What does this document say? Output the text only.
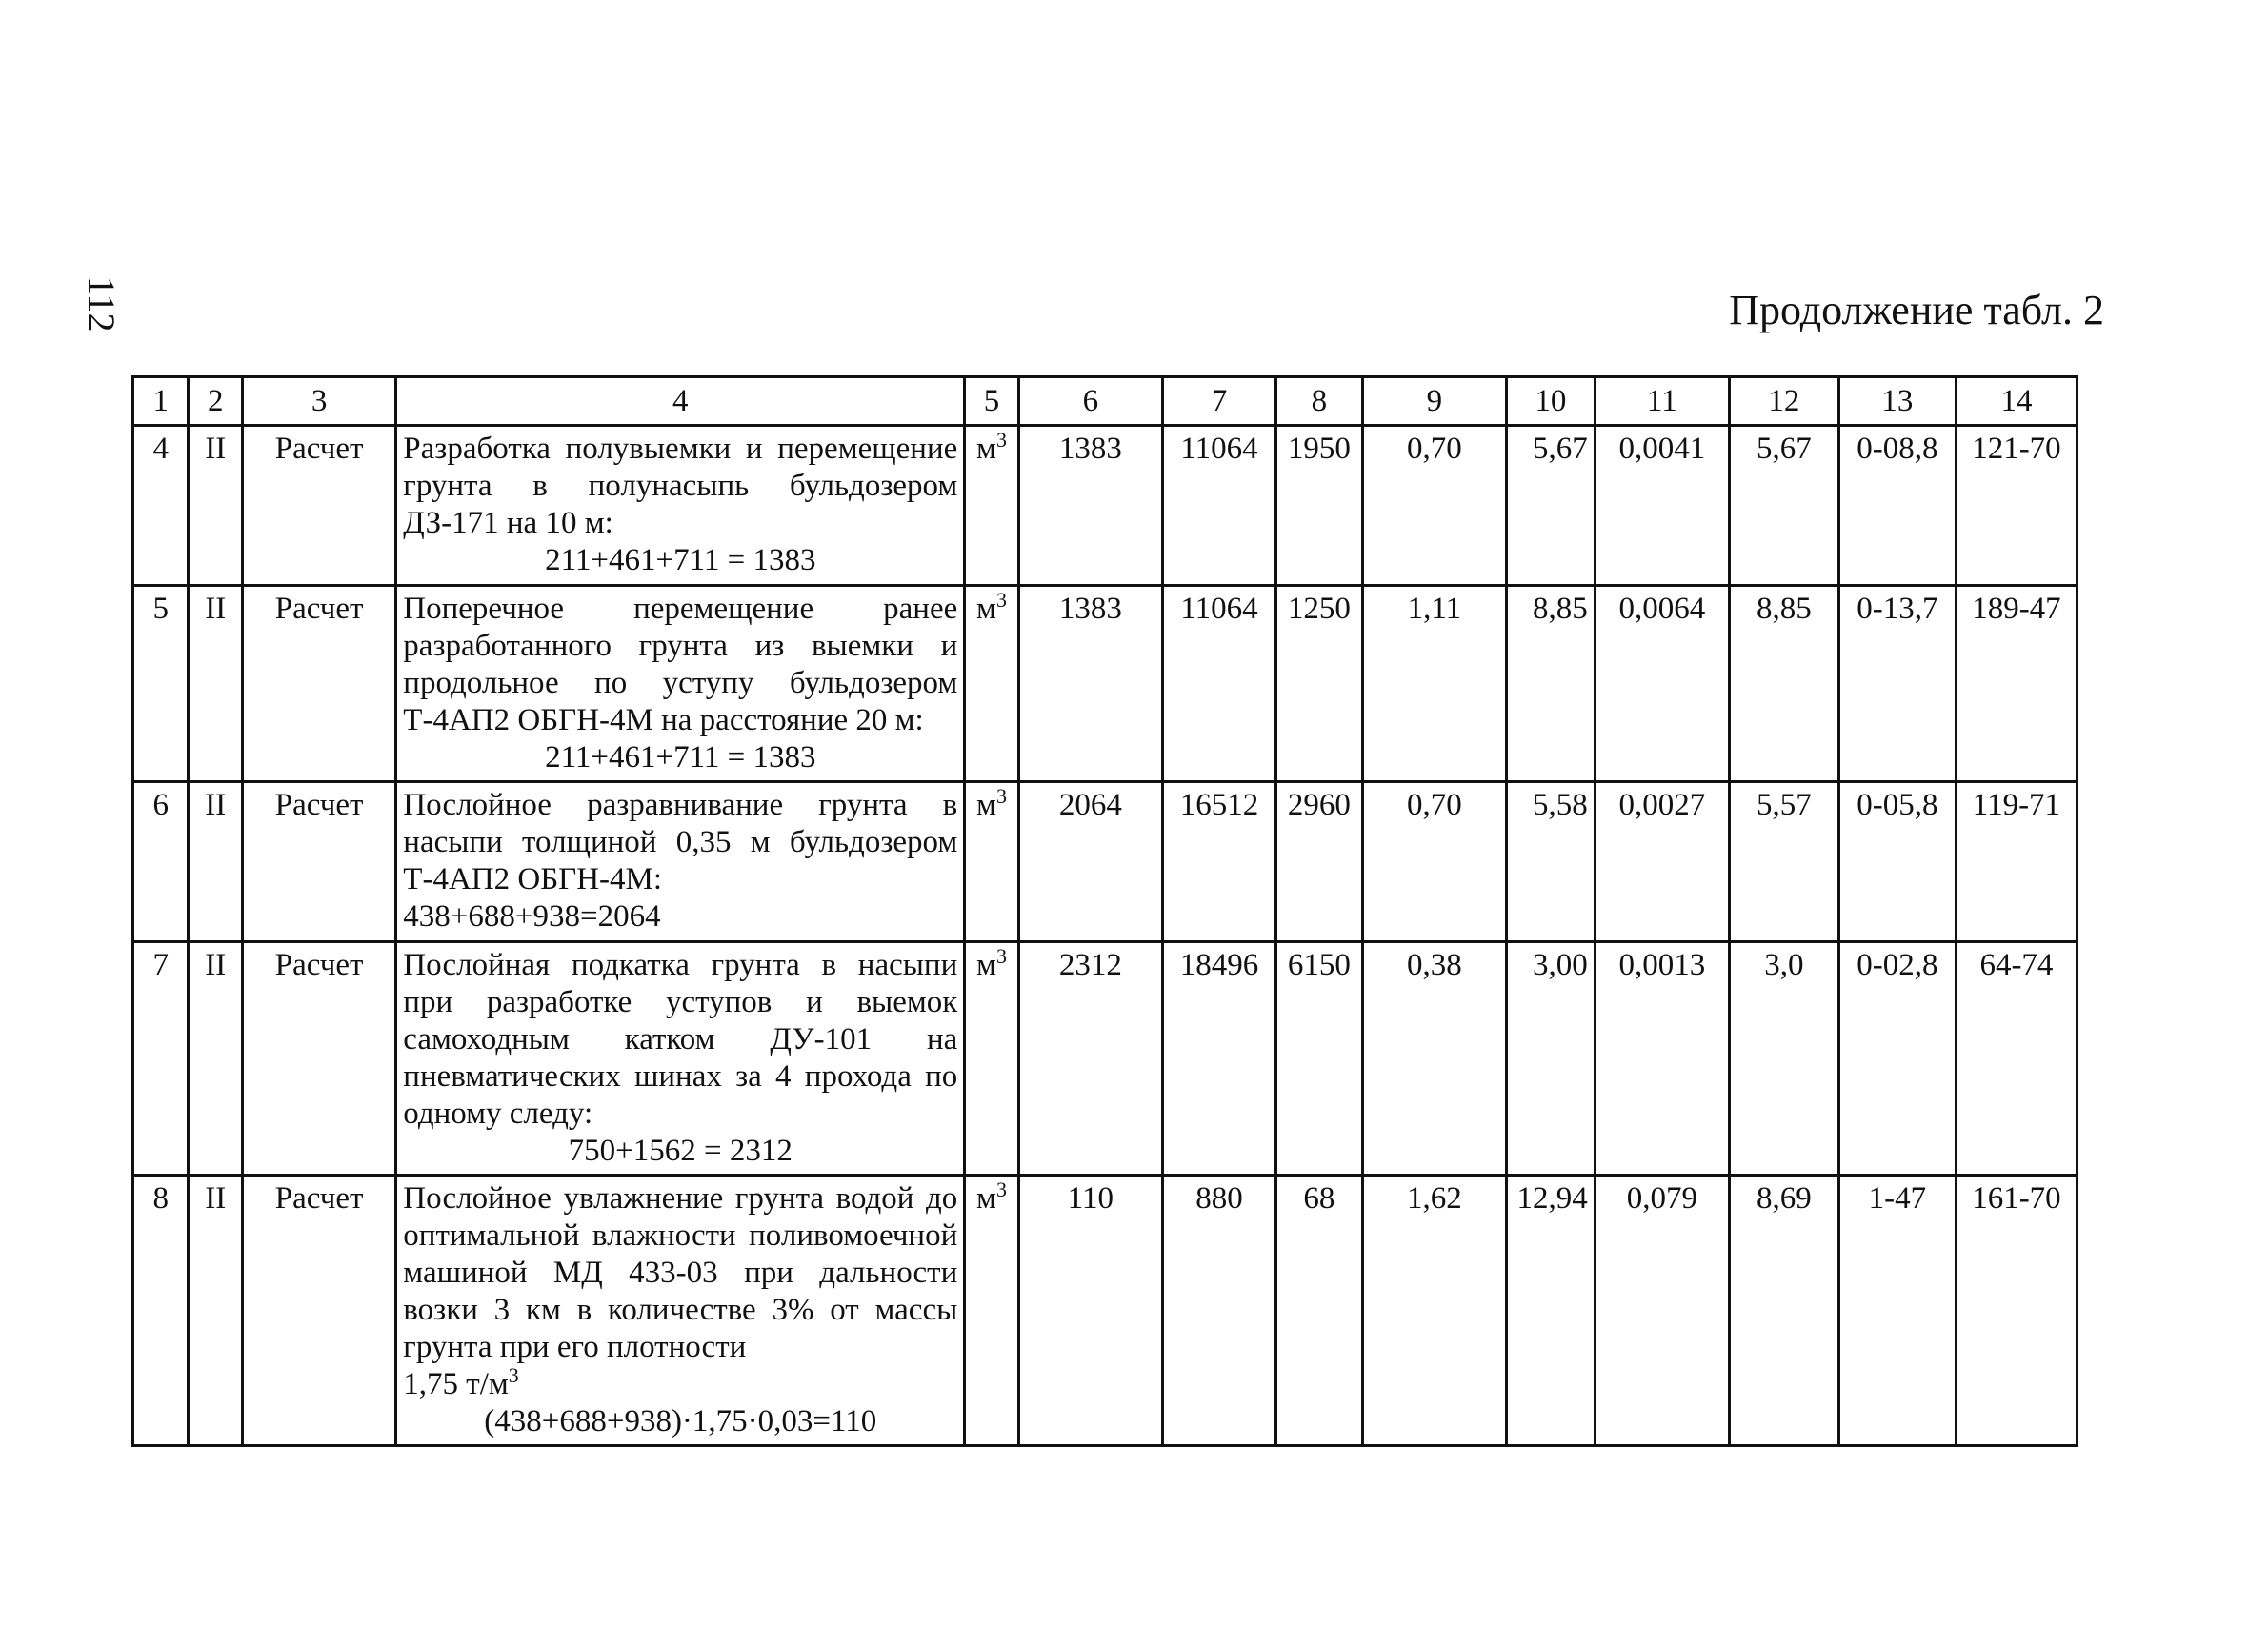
112	Продолжение табл. 2
1	2	3	4	5	6	7	8	9	10	11	12	13	14
4	II	Расчет	Разработка полувыемки и перемещение грунта в полунасыпь бульдозером ДЗ-171 на 10 м:
211+461+711 = 1383	$м^3$	1383	11064	1950	0,70	5,67	0,0041	5,67	0-08,8	121-70
5	II	Расчет	Поперечное перемещение ранее разработанного грунта из выемки и продольное по уступу бульдозером Т-4АП2 ОБГН-4М на расстояние 20 м:
211+461+711 = 1383	$м^3$	1383	11064	1250	1,11	8,85	0,0064	8,85	0-13,7	189-47
6	II	Расчет	Послойное разравнивание грунта в насыпи толщиной 0,35 м бульдозером Т-4АП2 ОБГН-4М:
438+688+938=2064	$м^3$	2064	16512	2960	0,70	5,58	0,0027	5,57	0-05,8	119-71
7	II	Расчет	Послойная подкатка грунта в насыпи при разработке уступов и выемок самоходным катком ДУ-101 на пневматических шинах за 4 прохода по одному следу:
750+1562 = 2312	$м^3$	2312	18496	6150	0,38	3,00	0,0013	3,0	0-02,8	64-74
8	II	Расчет	Послойное увлажнение грунта водой до оптимальной влажности поливомоечной машиной МД 433-03 при дальности возки 3 км в количестве 3% от массы грунта при его плотности
1,75 $т/м^3$
(438+688+938)·1,75·0,03=110	$м^3$	110	880	68	1,62	12,94	0,079	8,69	1-47	161-70
